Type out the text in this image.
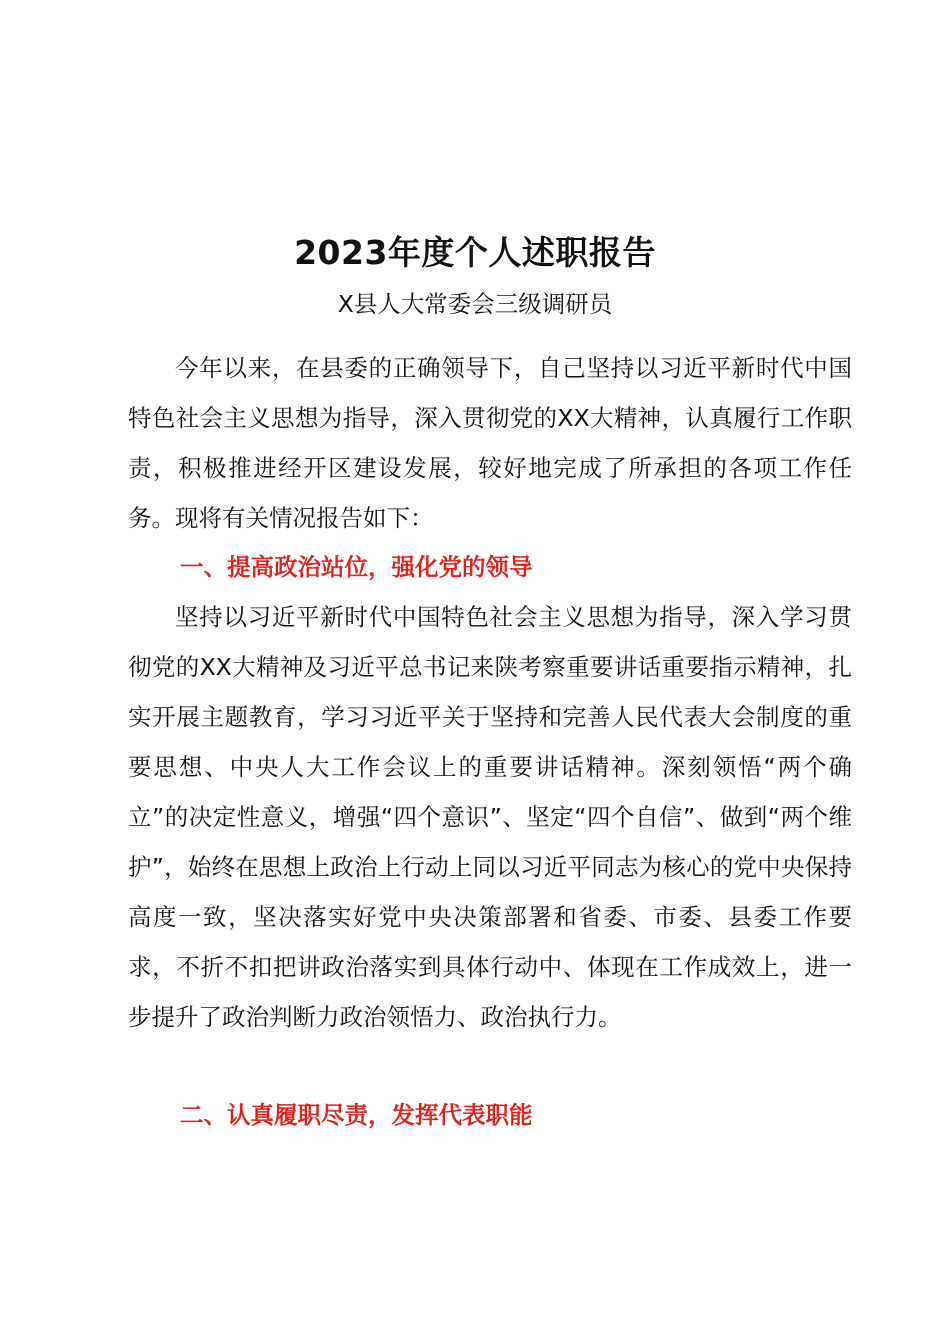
2023年度个人述职报告
X县人大常委会三级调研员

今年以来，在县委的正确领导下，自己坚持以习近平新时代中国特色社会主义思想为指导，深入贯彻党的XX大精神，认真履行工作职责，积极推进经开区建设发展，较好地完成了所承担的各项工作任务。现将有关情况报告如下：

一、提高政治站位，强化党的领导

坚持以习近平新时代中国特色社会主义思想为指导，深入学习贯彻党的XX大精神及习近平总书记来陕考察重要讲话重要指示精神，扎实开展主题教育，学习习近平关于坚持和完善人民代表大会制度的重要思想、中央人大工作会议上的重要讲话精神。深刻领悟“两个确立”的决定性意义，增强“四个意识”、坚定“四个自信”、做到“两个维护”，始终在思想上政治上行动上同以习近平同志为核心的党中央保持高度一致，坚决落实好党中央决策部署和省委、市委、县委工作要求，不折不扣把讲政治落实到具体行动中、体现在工作成效上，进一步提升了政治判断力政治领悟力、政治执行力。

二、认真履职尽责，发挥代表职能
